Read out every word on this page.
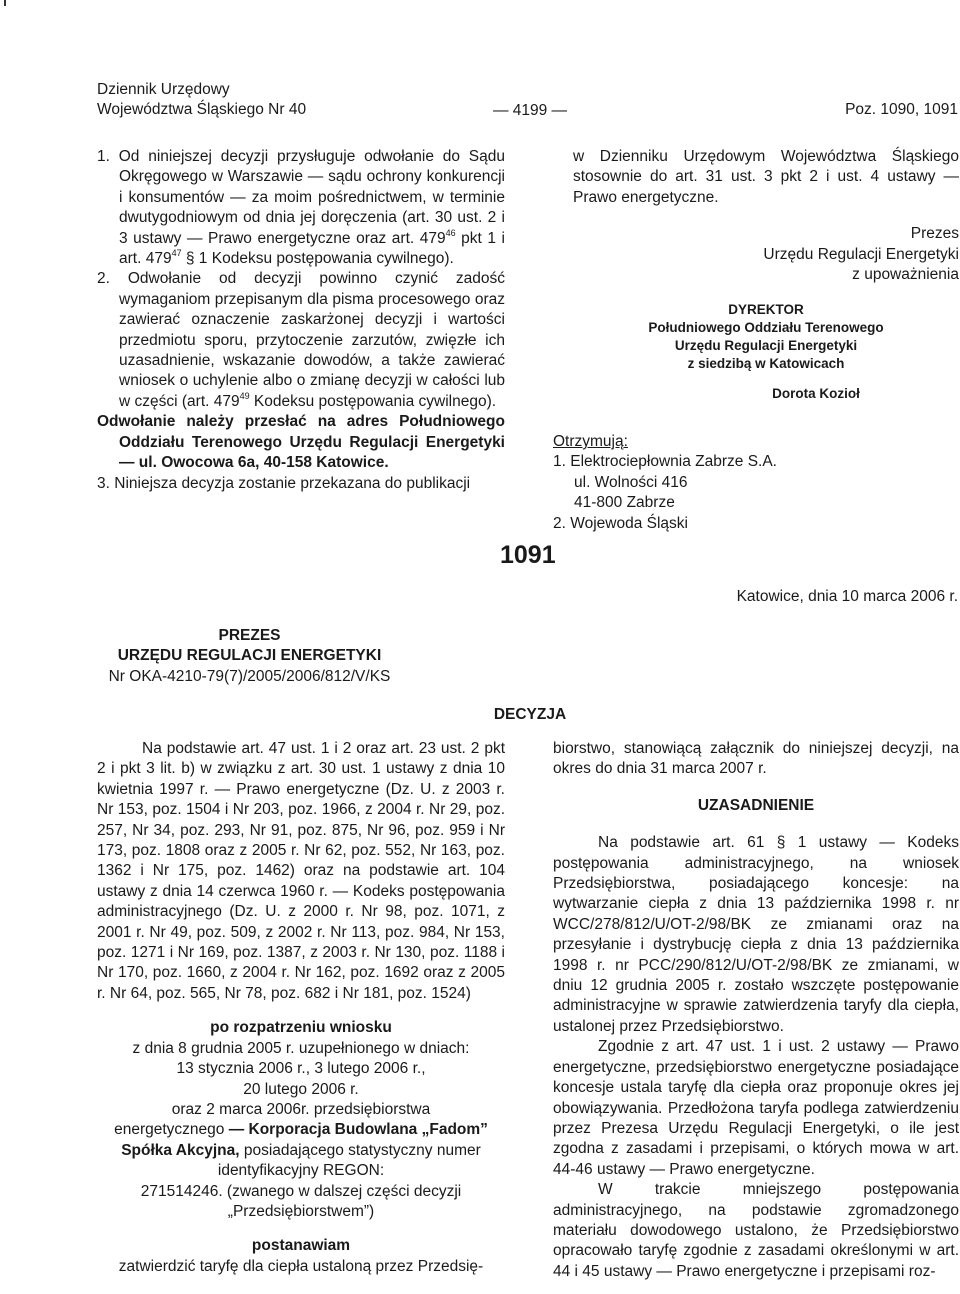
Dziennik Urzędowy
Województwa Śląskiego Nr 40	— 4199 —	Poz. 1090, 1091

1. Od niniejszej decyzji przysługuje odwołanie do Sądu Okręgowego w Warszawie — sądu ochrony konkurencji i konsumentów — za moim pośrednictwem, w terminie dwutygodniowym od dnia jej doręczenia (art. 30 ust. 2 i 3 ustawy — Prawo energetyczne oraz art. $479^{46}$ pkt 1 i art. $479^{47}$ § 1 Kodeksu postępowania cywilnego).

2. Odwołanie od decyzji powinno czynić zadość wymaganiom przepisanym dla pisma procesowego oraz zawierać oznaczenie zaskarżonej decyzji i wartości przedmiotu sporu, przytoczenie zarzutów, zwięzłe ich uzasadnienie, wskazanie dowodów, a także zawierać wniosek o uchylenie albo o zmianę decyzji w całości lub w części (art. $479^{49}$ Kodeksu postępowania cywilnego).
Odwołanie należy przesłać na adres Południowego Oddziału Terenowego Urzędu Regulacji Energetyki — ul. Owocowa 6a, 40-158 Katowice.

3. Niniejsza decyzja zostanie przekazana do publikacji

w Dzienniku Urzędowym Województwa Śląskiego stosownie do art. 31 ust. 3 pkt 2 i ust. 4 ustawy — Prawo energetyczne.

Prezes
Urzędu Regulacji Energetyki
z upoważnienia
DYREKTOR
Południowego Oddziału Terenowego
Urzędu Regulacji Energetyki
z siedzibą w Katowicach
Dorota Kozioł
Otrzymują:
1. Elektrociepłownia Zabrze S.A.
ul. Wolności 416
41-800 Zabrze
2. Wojewoda Śląski
1091
Katowice, dnia 10 marca 2006 r.
PREZES
URZĘDU REGULACJI ENERGETYKI
Nr OKA-4210-79(7)/2005/2006/812/V/KS
DECYZJA

Na podstawie art. 47 ust. 1 i 2 oraz art. 23 ust. 2 pkt 2 i pkt 3 lit. b) w związku z art. 30 ust. 1 ustawy z dnia 10 kwietnia 1997 r. — Prawo energetyczne (Dz. U. z 2003 r. Nr 153, poz. 1504 i Nr 203, poz. 1966, z 2004 r. Nr 29, poz. 257, Nr 34, poz. 293, Nr 91, poz. 875, Nr 96, poz. 959 i Nr 173, poz. 1808 oraz z 2005 r. Nr 62, poz. 552, Nr 163, poz. 1362 i Nr 175, poz. 1462) oraz na podstawie art. 104 ustawy z dnia 14 czerwca 1960 r. — Kodeks postępowania administracyjnego (Dz. U. z 2000 r. Nr 98, poz. 1071, z 2001 r. Nr 49, poz. 509, z 2002 r. Nr 113, poz. 984, Nr 153, poz. 1271 i Nr 169, poz. 1387, z 2003 r. Nr 130, poz. 1188 i Nr 170, poz. 1660, z 2004 r. Nr 162, poz. 1692 oraz z 2005 r. Nr 64, poz. 565, Nr 78, poz. 682 i Nr 181, poz. 1524)

po rozpatrzeniu wniosku
z dnia 8 grudnia 2005 r. uzupełnionego w dniach:
13 stycznia 2006 r., 3 lutego 2006 r.,
20 lutego 2006 r.
oraz 2 marca 2006r. przedsiębiorstwa
energetycznego — Korporacja Budowlana „Fadom”
Spółka Akcyjna, posiadającego statystyczny numer
identyfikacyjny REGON:
271514246. (zwanego w dalszej części decyzji
„Przedsiębiorstwem”)
postanawiam
zatwierdzić taryfę dla ciepła ustaloną przez Przedsię-

biorstwo, stanowiącą załącznik do niniejszej decyzji, na okres do dnia 31 marca 2007 r.

UZASADNIENIE

Na podstawie art. 61 § 1 ustawy — Kodeks postępowania administracyjnego, na wniosek Przedsiębiorstwa, posiadającego koncesje: na wytwarzanie ciepła z dnia 13 października 1998 r. nr WCC/278/812/U/OT-2/98/BK ze zmianami oraz na przesyłanie i dystrybucję ciepła z dnia 13 października 1998 r. nr PCC/290/812/U/OT-2/98/BK ze zmianami, w dniu 12 grudnia 2005 r. zostało wszczęte postępowanie administracyjne w sprawie zatwierdzenia taryfy dla ciepła, ustalonej przez Przedsiębiorstwo.

Zgodnie z art. 47 ust. 1 i ust. 2 ustawy — Prawo energetyczne, przedsiębiorstwo energetyczne posiadające koncesje ustala taryfę dla ciepła oraz proponuje okres jej obowiązywania. Przedłożona taryfa podlega zatwierdzeniu przez Prezesa Urzędu Regulacji Energetyki, o ile jest zgodna z zasadami i przepisami, o których mowa w art. 44-46 ustawy — Prawo energetyczne.

W trakcie mniejszego postępowania administracyjnego, na podstawie zgromadzonego materiału dowodowego ustalono, że Przedsiębiorstwo opracowało taryfę zgodnie z zasadami określonymi w art. 44 i 45 ustawy — Prawo energetyczne i przepisami roz-
